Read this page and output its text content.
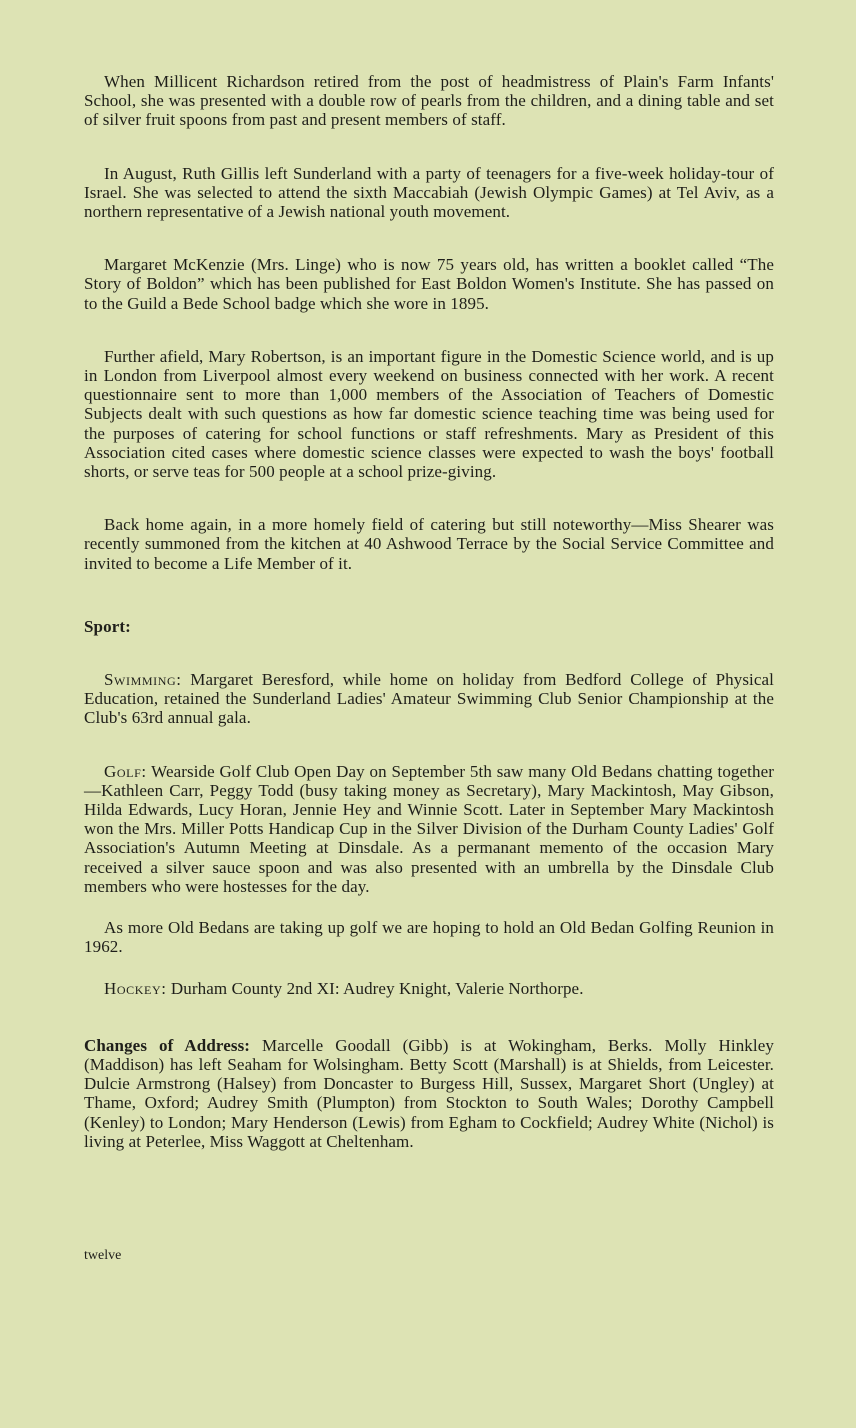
When Millicent Richardson retired from the post of headmistress of Plain's Farm Infants' School, she was presented with a double row of pearls from the children, and a dining table and set of silver fruit spoons from past and present members of staff.

In August, Ruth Gillis left Sunderland with a party of teenagers for a five-week holiday-tour of Israel. She was selected to attend the sixth Maccabiah (Jewish Olympic Games) at Tel Aviv, as a northern representative of a Jewish national youth movement.

Margaret McKenzie (Mrs. Linge) who is now 75 years old, has written a booklet called “The Story of Boldon” which has been published for East Boldon Women's Institute. She has passed on to the Guild a Bede School badge which she wore in 1895.

Further afield, Mary Robertson, is an important figure in the Domestic Science world, and is up in London from Liverpool almost every weekend on business connected with her work. A recent questionnaire sent to more than 1,000 members of the Association of Teachers of Domestic Subjects dealt with such questions as how far domestic science teaching time was being used for the purposes of catering for school functions or staff refreshments. Mary as President of this Association cited cases where domestic science classes were expected to wash the boys' football shorts, or serve teas for 500 people at a school prize-giving.

Back home again, in a more homely field of catering but still noteworthy—Miss Shearer was recently summoned from the kitchen at 40 Ashwood Terrace by the Social Service Committee and invited to become a Life Member of it.

Sport:

Swimming: Margaret Beresford, while home on holiday from Bedford College of Physical Education, retained the Sunderland Ladies' Amateur Swimming Club Senior Championship at the Club's 63rd annual gala.

Golf: Wearside Golf Club Open Day on September 5th saw many Old Bedans chatting together—Kathleen Carr, Peggy Todd (busy taking money as Secretary), Mary Mackintosh, May Gibson, Hilda Edwards, Lucy Horan, Jennie Hey and Winnie Scott. Later in September Mary Mackintosh won the Mrs. Miller Potts Handicap Cup in the Silver Division of the Durham County Ladies' Golf Association's Autumn Meeting at Dinsdale. As a permanant memento of the occasion Mary received a silver sauce spoon and was also presented with an umbrella by the Dinsdale Club members who were hostesses for the day.

As more Old Bedans are taking up golf we are hoping to hold an Old Bedan Golfing Reunion in 1962.

Hockey: Durham County 2nd XI: Audrey Knight, Valerie Northorpe.

Changes of Address: Marcelle Goodall (Gibb) is at Wokingham, Berks. Molly Hinkley (Maddison) has left Seaham for Wolsingham. Betty Scott (Marshall) is at Shields, from Leicester. Dulcie Armstrong (Halsey) from Doncaster to Burgess Hill, Sussex, Margaret Short (Ungley) at Thame, Oxford; Audrey Smith (Plumpton) from Stockton to South Wales; Dorothy Campbell (Kenley) to London; Mary Henderson (Lewis) from Egham to Cockfield; Audrey White (Nichol) is living at Peterlee, Miss Waggott at Cheltenham.

twelve
